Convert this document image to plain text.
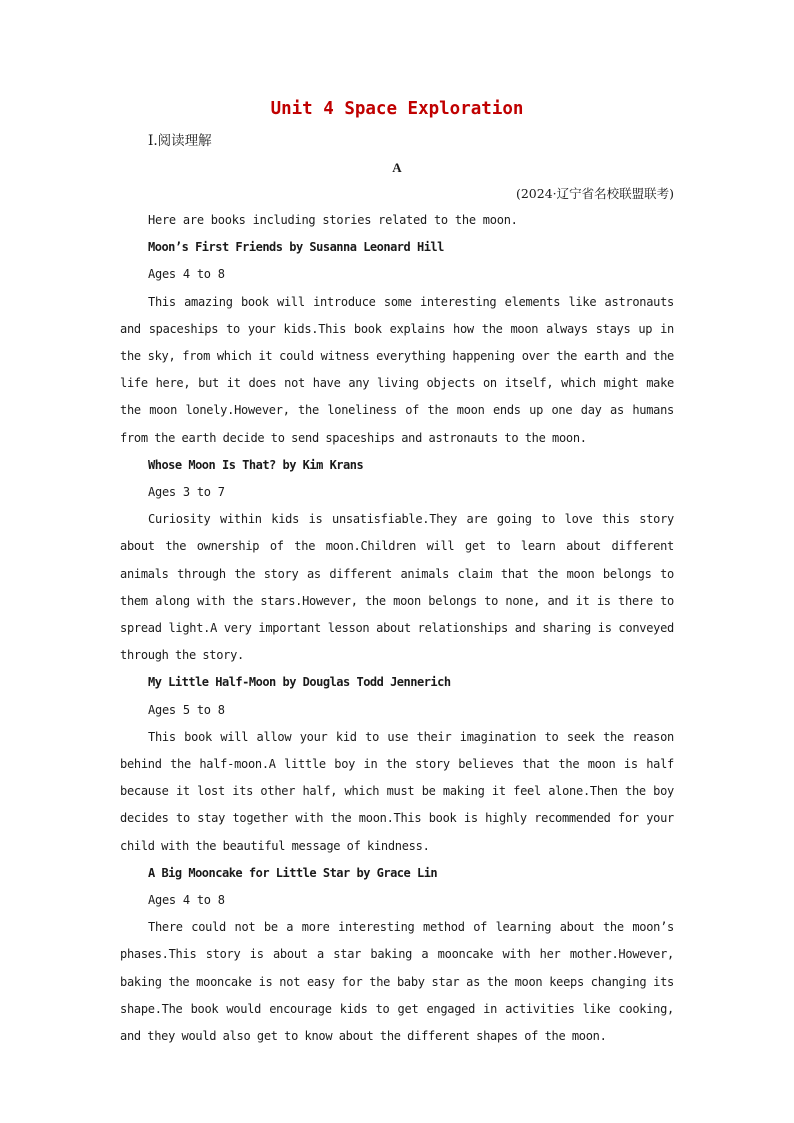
Unit 4 Space Exploration
Ⅰ.阅读理解
A
(2024·辽宁省名校联盟联考)

Here are books including stories related to the moon.

Moon’s First Friends by Susanna Leonard Hill

Ages 4 to 8

This amazing book will introduce some interesting elements like astronauts and spaceships to your kids.This book explains how the moon always stays up in the sky, from which it could witness everything happening over the earth and the life here, but it does not have any living objects on itself, which might make the moon lonely.However, the loneliness of the moon ends up one day as humans from the earth decide to send spaceships and astronauts to the moon.

Whose Moon Is That? by Kim Krans

Ages 3 to 7

Curiosity within kids is unsatisfiable.They are going to love this story about the ownership of the moon.Children will get to learn about different animals through the story as different animals claim that the moon belongs to them along with the stars.However, the moon belongs to none, and it is there to spread light.A very important lesson about relationships and sharing is conveyed through the story.

My Little Half-Moon by Douglas Todd Jennerich

Ages 5 to 8

This book will allow your kid to use their imagination to seek the reason behind the half-moon.A little boy in the story believes that the moon is half because it lost its other half, which must be making it feel alone.Then the boy decides to stay together with the moon.This book is highly recommended for your child with the beautiful message of kindness.

A Big Mooncake for Little Star by Grace Lin

Ages 4 to 8

There could not be a more interesting method of learning about the moon’s phases.This story is about a star baking a mooncake with her mother.However, baking the mooncake is not easy for the baby star as the moon keeps changing its shape.The book would encourage kids to get engaged in activities like cooking, and they would also get to know about the different shapes of the moon.
